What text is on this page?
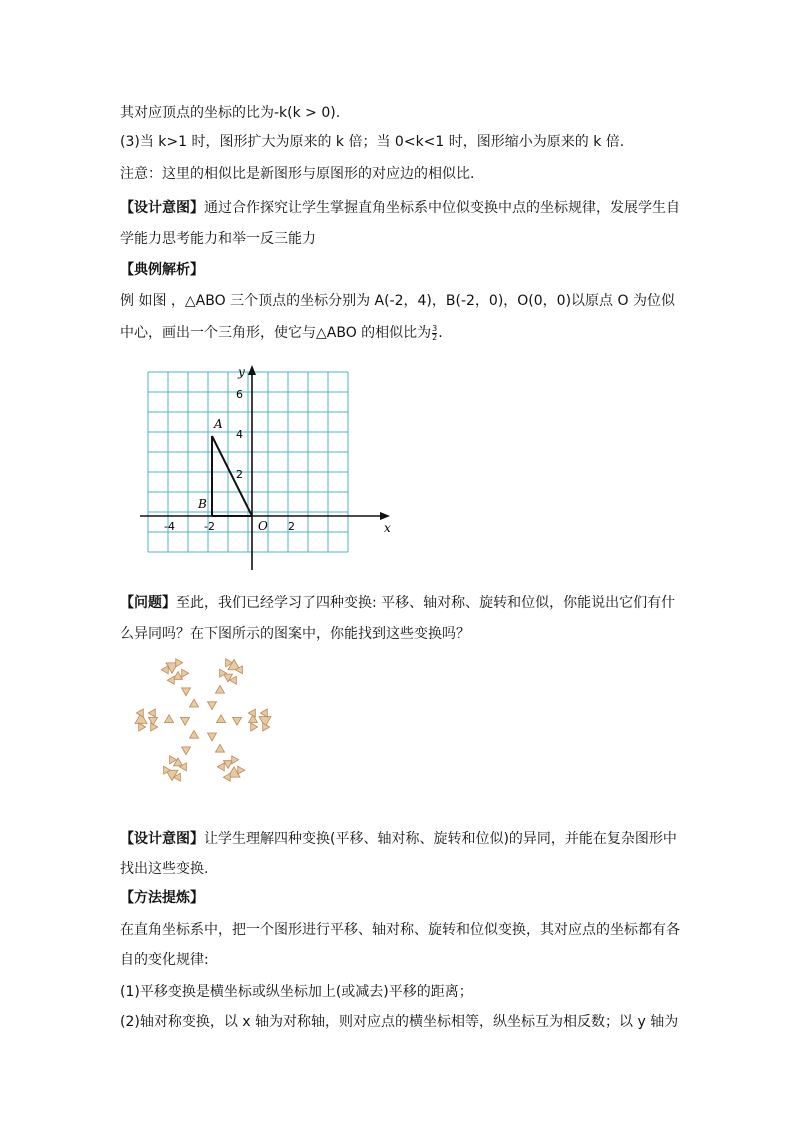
其对应顶点的坐标的比为-k(k > 0).
(3)当 k>1 时，图形扩大为原来的 k 倍；当 0<k<1 时，图形缩小为原来的 k 倍.
注意：这里的相似比是新图形与原图形的对应边的相似比.
【设计意图】通过合作探究让学生掌握直角坐标系中位似变换中点的坐标规律，发展学生自
学能力思考能力和举一反三能力
【典例解析】
例 如图 ，△ABO 三个顶点的坐标分别为 A(-2，4)，B(-2，0)，O(0，0)以原点 O 为位似
中心，画出一个三角形，使它与△ABO 的相似比为 $\frac{3}{2}$ .
y
x
O
-4	-2	2
6
4
2
A
B
【问题】至此，我们已经学习了四种变换: 平移、轴对称、旋转和位似，你能说出它们有什
么异同吗？在下图所示的图案中，你能找到这些变换吗？
【设计意图】让学生理解四种变换(平移、轴对称、旋转和位似)的异同，并能在复杂图形中
找出这些变换.
【方法提炼】
在直角坐标系中，把一个图形进行平移、轴对称、旋转和位似变换，其对应点的坐标都有各
自的变化规律:
(1)平移变换是横坐标或纵坐标加上(或减去)平移的距离；
(2)轴对称变换，以 x 轴为对称轴，则对应点的横坐标相等，纵坐标互为相反数；以 y 轴为
